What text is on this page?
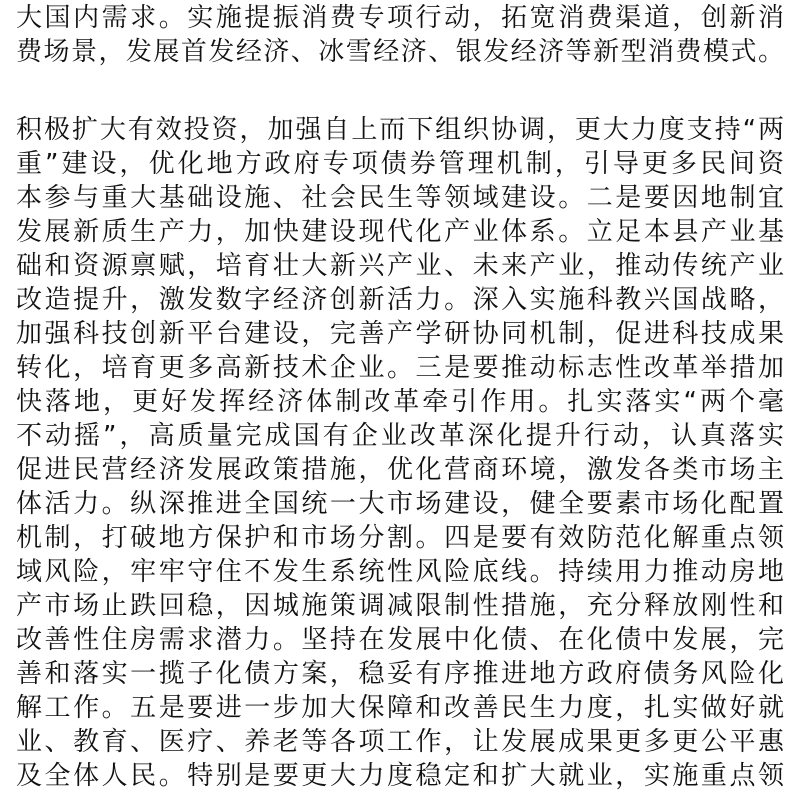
大国内需求。实施提振消费专项行动，拓宽消费渠道，创新消
费场景，发展首发经济、冰雪经济、银发经济等新型消费模式。
积极扩大有效投资，加强自上而下组织协调，更大力度支持“两
重”建设，优化地方政府专项债券管理机制，引导更多民间资
本参与重大基础设施、社会民生等领域建设。二是要因地制宜
发展新质生产力，加快建设现代化产业体系。立足本县产业基
础和资源禀赋，培育壮大新兴产业、未来产业，推动传统产业
改造提升，激发数字经济创新活力。深入实施科教兴国战略，
加强科技创新平台建设，完善产学研协同机制，促进科技成果
转化，培育更多高新技术企业。三是要推动标志性改革举措加
快落地，更好发挥经济体制改革牵引作用。扎实落实“两个毫
不动摇”，高质量完成国有企业改革深化提升行动，认真落实
促进民营经济发展政策措施，优化营商环境，激发各类市场主
体活力。纵深推进全国统一大市场建设，健全要素市场化配置
机制，打破地方保护和市场分割。四是要有效防范化解重点领
域风险，牢牢守住不发生系统性风险底线。持续用力推动房地
产市场止跌回稳，因城施策调减限制性措施，充分释放刚性和
改善性住房需求潜力。坚持在发展中化债、在化债中发展，完
善和落实一揽子化债方案，稳妥有序推进地方政府债务风险化
解工作。五是要进一步加大保障和改善民生力度，扎实做好就
业、教育、医疗、养老等各项工作，让发展成果更多更公平惠
及全体人民。特别是要更大力度稳定和扩大就业，实施重点领
